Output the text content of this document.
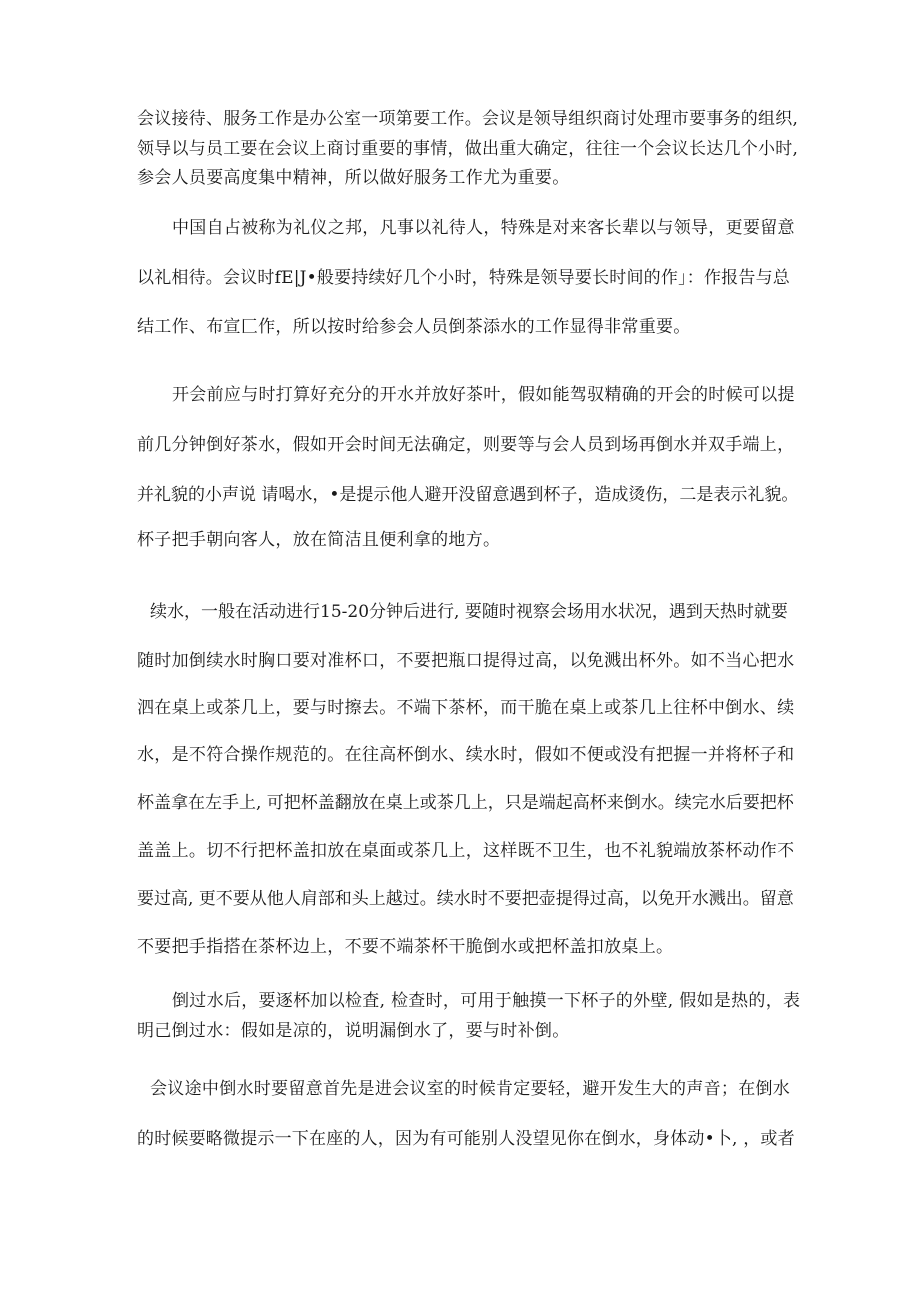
会议接待、服务工作是办公室一项第要工作。会议是领导组织商讨处理市要事务的组织,

领导以与员工要在会议上商讨重要的事情，做出重大确定，往往一个会议长达几个小时,

参会人员要高度集中精神，所以做好服务工作尤为重要。

中国自占被称为礼仪之邦，凡事以礼待人，特殊是对来客长辈以与领导，更要留意

以礼相待。会议时fE|J•般要持续好几个小时，特殊是领导要长时间的作」：作报告与总

结工作、布宣匚作，所以按时给参会人员倒茶添水的工作显得非常重要。

开会前应与时打算好充分的开水并放好茶叶，假如能驾驭精确的开会的时候可以提

前几分钟倒好茶水，假如开会时间无法确定，则要等与会人员到场再倒水并双手端上，

并礼貌的小声说 请喝水，•是提示他人避开没留意遇到杯子，造成烫伤，二是表示礼貌。

杯子把手朝向客人，放在简洁且便利拿的地方。

续水，一般在活动进行15-20分钟后进行, 要随时视察会场用水状况，遇到天热时就要

随时加倒续水时胸口要对准杯口，不要把瓶口提得过高，以免溅出杯外。如不当心把水

泗在桌上或茶几上，要与时擦去。不端下茶杯，而干脆在桌上或茶几上往杯中倒水、续

水，是不符合操作规范的。在往高杯倒水、续水时，假如不便或没有把握一并将杯子和

杯盖拿在左手上, 可把杯盖翻放在桌上或茶几上，只是端起高杯来倒水。续完水后要把杯

盖盖上。切不行把杯盖扣放在桌面或茶几上，这样既不卫生，也不礼貌端放茶杯动作不

要过高, 更不要从他人肩部和头上越过。续水时不要把壶提得过高，以免开水溅出。留意

不要把手指搭在茶杯边上，不要不端茶杯干脆倒水或把杯盖扣放桌上。

倒过水后，要逐杯加以检査, 检查时，可用于触摸一下杯子的外壁, 假如是热的，表

明己倒过水：假如是凉的，说明漏倒水了，要与时补倒。

会议途中倒水时要留意首先是进会议室的时候肯定要轻，避开发生大的声音；在倒水

的时候要略微提示一下在座的人，因为有可能别人没望见你在倒水，身体动•卜, ，或者
